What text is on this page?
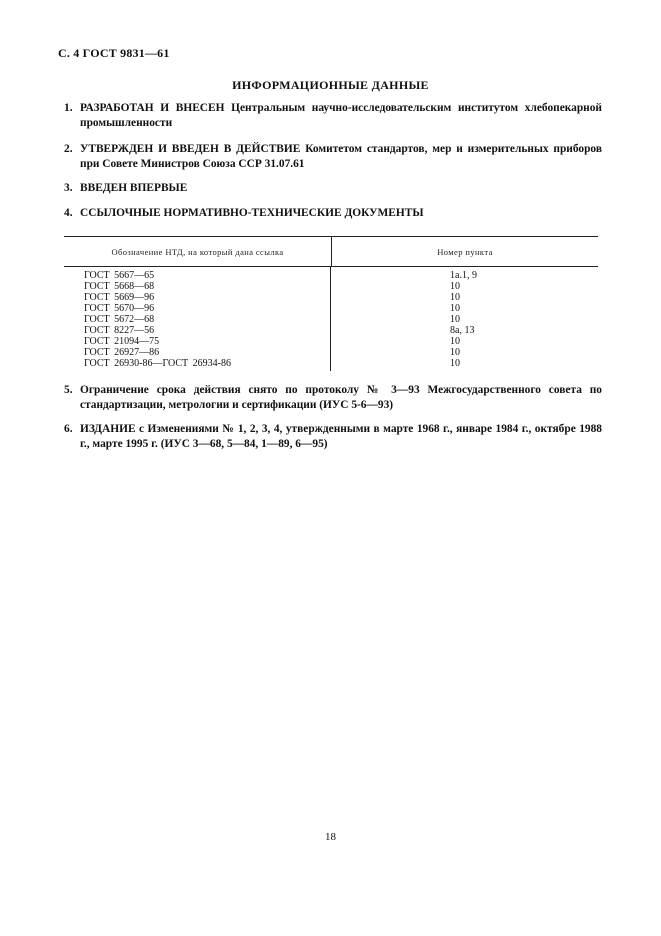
С. 4 ГОСТ 9831—61
ИНФОРМАЦИОННЫЕ ДАННЫЕ
1. РАЗРАБОТАН И ВНЕСЕН Центральным научно-исследовательским институтом хлебопекарной промышленности
2. УТВЕРЖДЕН И ВВЕДЕН В ДЕЙСТВИЕ Комитетом стандартов, мер и измерительных приборов при Совете Министров Союза ССР 31.07.61
3. ВВЕДЕН ВПЕРВЫЕ
4. ССЫЛОЧНЫЕ НОРМАТИВНО-ТЕХНИЧЕСКИЕ ДОКУМЕНТЫ
Обозначение НТД, на который дана ссылка	Номер пункта
ГОСТ 5667—65
ГОСТ 5668—68
ГОСТ 5669—96
ГОСТ 5670—96
ГОСТ 5672—68
ГОСТ 8227—56
ГОСТ 21094—75
ГОСТ 26927—86
ГОСТ 26930-86—ГОСТ 26934-86
1а.1, 9
10
10
10
10
8а, 13
10
10
10
5. Ограничение срока действия снято по протоколу № 3—93 Межгосударственного совета по стандартизации, метрологии и сертификации (ИУС 5-6—93)
6. ИЗДАНИЕ с Изменениями № 1, 2, 3, 4, утвержденными в марте 1968 г., январе 1984 г., октябре 1988 г., марте 1995 г. (ИУС 3—68, 5—84, 1—89, 6—95)
18
